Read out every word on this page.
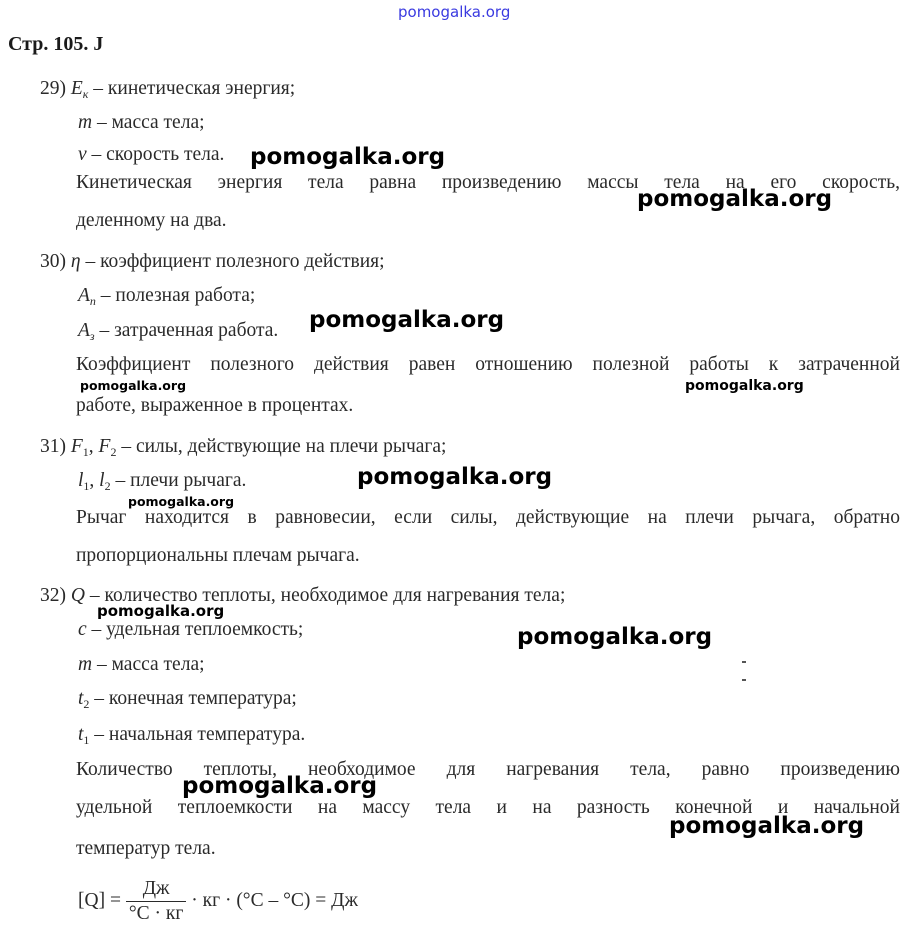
pomogalka.org
Стр. 105. J
29) $E_к$ – кинетическая энергия;
m – масса тела;
v – скорость тела.
Кинетическая энергия тела равна произведению массы тела на его скорость,
деленному на два.
30) η – коэффициент полезного действия;
$A_п$ – полезная работа;
$A_з$ – затраченная работа.
Коэффициент полезного действия равен отношению полезной работы к затраченной
работе, выраженное в процентах.
31) $F_1$, $F_2$ – силы, действующие на плечи рычага;
$l_1$, $l_2$ – плечи рычага.
Рычаг находится в равновесии, если силы, действующие на плечи рычага, обратно
пропорциональны плечам рычага.
32) Q – количество теплоты, необходимое для нагревания тела;
c – удельная теплоемкость;
m – масса тела;
$t_2$ – конечная температура;
$t_1$ – начальная температура.
Количество теплоты, необходимое для нагревания тела, равно произведению
удельной теплоемкости на массу тела и на разность конечной и начальной
температур тела.
$[Q] = \frac{Дж}{^\circ С \cdot кг}$ · кг · (°С – °С) = Дж
pomogalka.org
pomogalka.org
pomogalka.org
pomogalka.org	pomogalka.org
pomogalka.org
pomogalka.org
pomogalka.org
pomogalka.org
pomogalka.org
pomogalka.org
